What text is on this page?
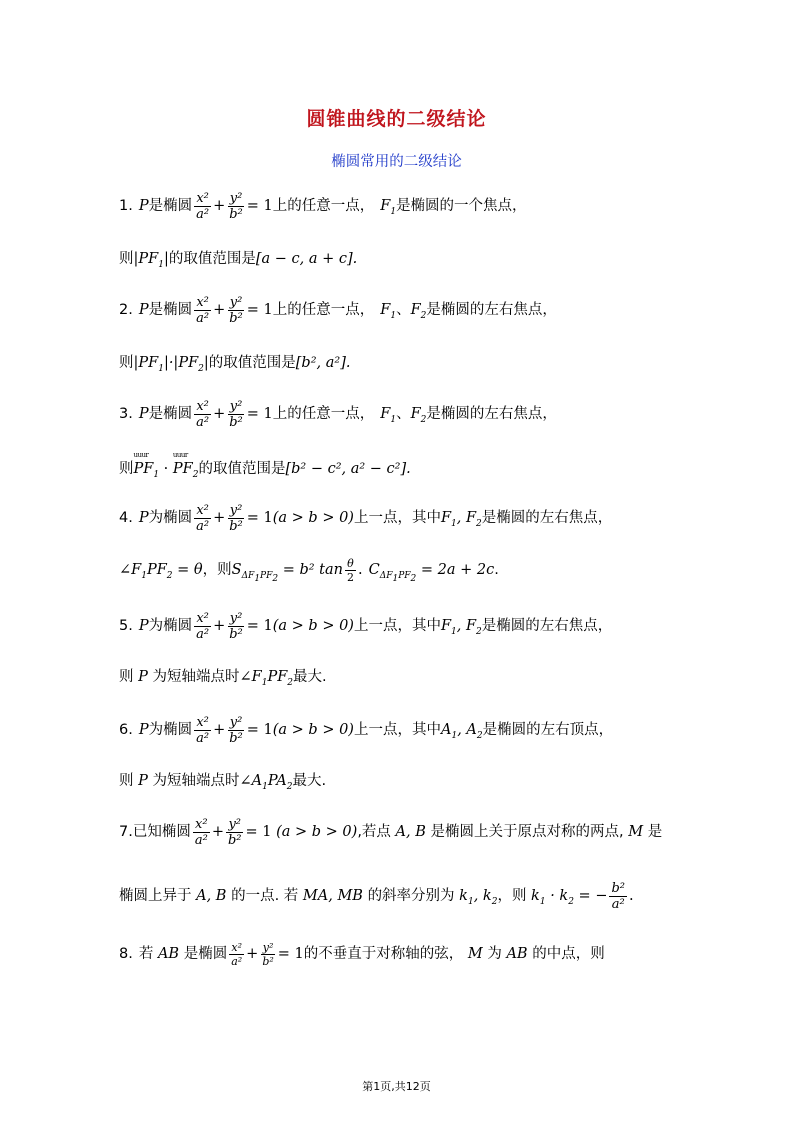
圆锥曲线的二级结论
椭圆常用的二级结论
1. P 是椭圆 $\frac{\text{x²}}{\text{a²}} + \frac{\text{y²}}{\text{b²}} = 1$ 上的任意一点， $F_1$ 是椭圆的一个焦点，
则 $|PF_1|$ 的取值范围是 [a − c, a + c].
2. P 是椭圆 $\frac{\text{x²}}{\text{a²}} + \frac{\text{y²}}{\text{b²}} = 1$ 上的任意一点， $F_1$ 、 $F_2$ 是椭圆的左右焦点，
则 $|PF_1|\cdot|PF_2|$ 的取值范围是 [b², a²].
3. P 是椭圆 $\frac{\text{x²}}{\text{a²}} + \frac{\text{y²}}{\text{b²}} = 1$ 上的任意一点， $F_1$ 、 $F_2$ 是椭圆的左右焦点，
则 uuur $PF_1$ · uuur $PF_2$ 的取值范围是 [b² − c², a² − c²].
4. P 为椭圆 $\frac{\text{x²}}{\text{a²}} + \frac{\text{y²}}{\text{b²}} = 1$ (a > b > 0) 上一点，其中 $F_1$, $F_2$ 是椭圆的左右焦点，
$\angle F_1PF_2 = \theta$ ，则 $S_{\Delta F_1PF_2} = b^2$ $\tan \frac{\theta}{2}$ . $C_{\Delta F_1PF_2} = 2a + 2c$ .
5. P 为椭圆 $\frac{\text{x²}}{\text{a²}} + \frac{\text{y²}}{\text{b²}} = 1$ (a > b > 0) 上一点，其中 $F_1$, $F_2$ 是椭圆的左右焦点，
则 P 为短轴端点时 $\angle F_1PF_2$ 最大.
6. P 为椭圆 $\frac{\text{x²}}{\text{a²}} + \frac{\text{y²}}{\text{b²}} = 1$ (a > b > 0) 上一点，其中 $A_1$, $A_2$ 是椭圆的左右顶点，
则 P 为短轴端点时 $\angle A_1PA_2$ 最大.
7. 已知椭圆 $\frac{\text{x²}}{\text{a²}} + \frac{\text{y²}}{\text{b²}} = 1$ (a > b > 0) ,若点 A, B 是椭圆上关于原点对称的两点, M 是
椭圆上异于 A, B 的一点. 若 MA, MB 的斜率分别为 $k_1$, $k_2$ ，则 $k_1 \cdot k_2$ = − $\frac{\text{b²}}{\text{a²}}$ .
8. 若 AB 是椭圆 $\frac{\text{x²}}{\text{a²}} + \frac{\text{y²}}{\text{b²}} = 1$ 的不垂直于对称轴的弦， M 为 AB 的中点，则
第1页,共12页
